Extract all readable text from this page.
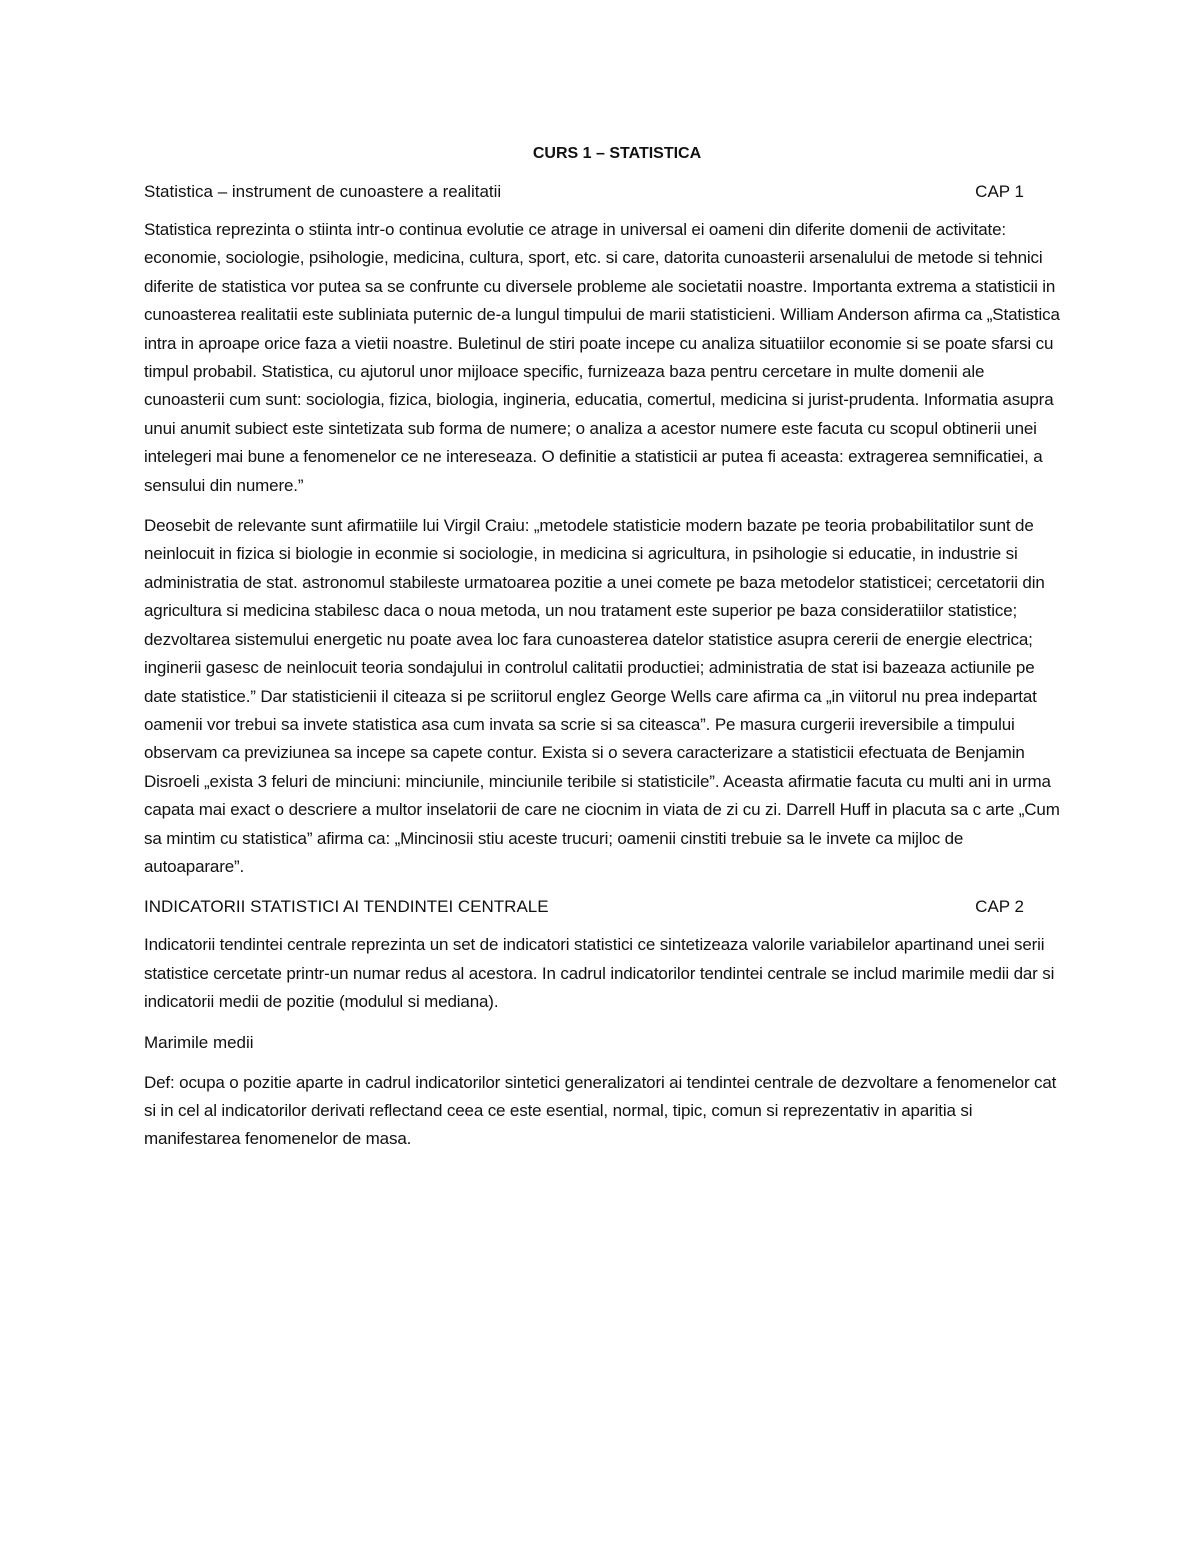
CURS 1 – STATISTICA
Statistica – instrument de cunoastere a realitatii	CAP 1

Statistica reprezinta o stiinta intr-o continua evolutie ce atrage in universal ei oameni din diferite domenii de activitate: economie, sociologie, psihologie, medicina, cultura, sport, etc. si care, datorita cunoasterii arsenalului de metode si tehnici diferite de statistica vor putea sa se confrunte cu diversele probleme ale societatii noastre. Importanta extrema a statisticii in cunoasterea realitatii este subliniata puternic de-a lungul timpului de marii statisticieni. William Anderson afirma ca „Statistica intra in aproape orice faza a vietii noastre. Buletinul de stiri poate incepe cu analiza situatiilor economie si se poate sfarsi cu timpul probabil. Statistica, cu ajutorul unor mijloace specific, furnizeaza baza pentru cercetare in multe domenii ale cunoasterii cum sunt: sociologia, fizica, biologia, ingineria, educatia, comertul, medicina si jurist-prudenta. Informatia asupra unui anumit subiect este sintetizata sub forma de numere; o analiza a acestor numere este facuta cu scopul obtinerii unei intelegeri mai bune a fenomenelor ce ne intereseaza. O definitie a statisticii ar putea fi aceasta: extragerea semnificatiei, a sensului din numere.”

Deosebit de relevante sunt afirmatiile lui Virgil Craiu: „metodele statisticie modern bazate pe teoria probabilitatilor sunt de neinlocuit in fizica si biologie in econmie si sociologie, in medicina si agricultura, in psihologie si educatie, in industrie si administratia de stat. astronomul stabileste urmatoarea pozitie a unei comete pe baza metodelor statisticei; cercetatorii din agricultura si medicina stabilesc daca o noua metoda, un nou tratament este superior pe baza consideratiilor statistice; dezvoltarea sistemului energetic nu poate avea loc fara cunoasterea datelor statistice asupra cererii de energie electrica; inginerii gasesc de neinlocuit teoria sondajului in controlul calitatii productiei; administratia de stat isi bazeaza actiunile pe date statistice.” Dar statisticienii il citeaza si pe scriitorul englez George Wells care afirma ca „in viitorul nu prea indepartat oamenii vor trebui sa invete statistica asa cum invata sa scrie si sa citeasca”. Pe masura curgerii ireversibile a timpului observam ca previziunea sa incepe sa capete contur. Exista si o severa caracterizare a statisticii efectuata de Benjamin Disroeli „exista 3 feluri de minciuni: minciunile, minciunile teribile si statisticile”. Aceasta afirmatie facuta cu multi ani in urma capata mai exact o descriere a multor inselatorii de care ne ciocnim in viata de zi cu zi. Darrell Huff in placuta sa c arte „Cum sa mintim cu statistica” afirma ca: „Mincinosii stiu aceste trucuri; oamenii cinstiti trebuie sa le invete ca mijloc de autoaparare”.

INDICATORII STATISTICI AI TENDINTEI CENTRALE	CAP 2

Indicatorii tendintei centrale reprezinta un set de indicatori statistici ce sintetizeaza valorile variabilelor apartinand unei serii statistice cercetate printr-un numar redus al acestora. In cadrul indicatorilor tendintei centrale se includ marimile medii dar si indicatorii medii de pozitie (modulul si mediana).

Marimile medii

Def: ocupa o pozitie aparte in cadrul indicatorilor sintetici generalizatori ai tendintei centrale de dezvoltare a fenomenelor cat si in cel al indicatorilor derivati reflectand ceea ce este esential, normal, tipic, comun si reprezentativ in aparitia si manifestarea fenomenelor de masa.
